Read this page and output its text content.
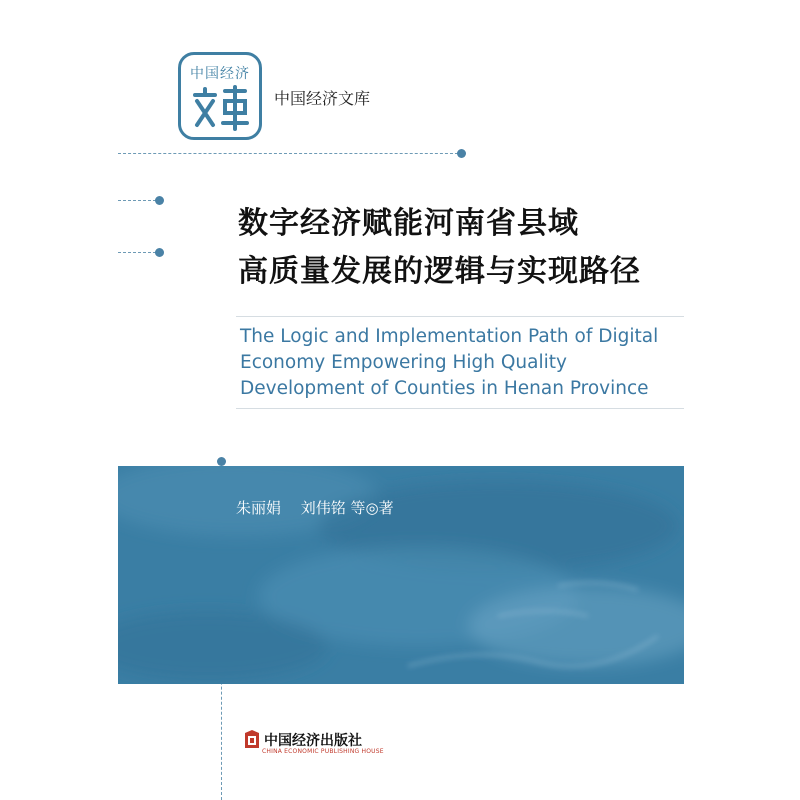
中国经济
中国经济文库
数字经济赋能河南省县域
高质量发展的逻辑与实现路径
The Logic and Implementation Path of Digital
Economy Empowering High Quality
Development of Counties in Henan Province
朱丽娟　 刘伟铭 等◎著
中国经济出版社
CHINA ECONOMIC PUBLISHING HOUSE
